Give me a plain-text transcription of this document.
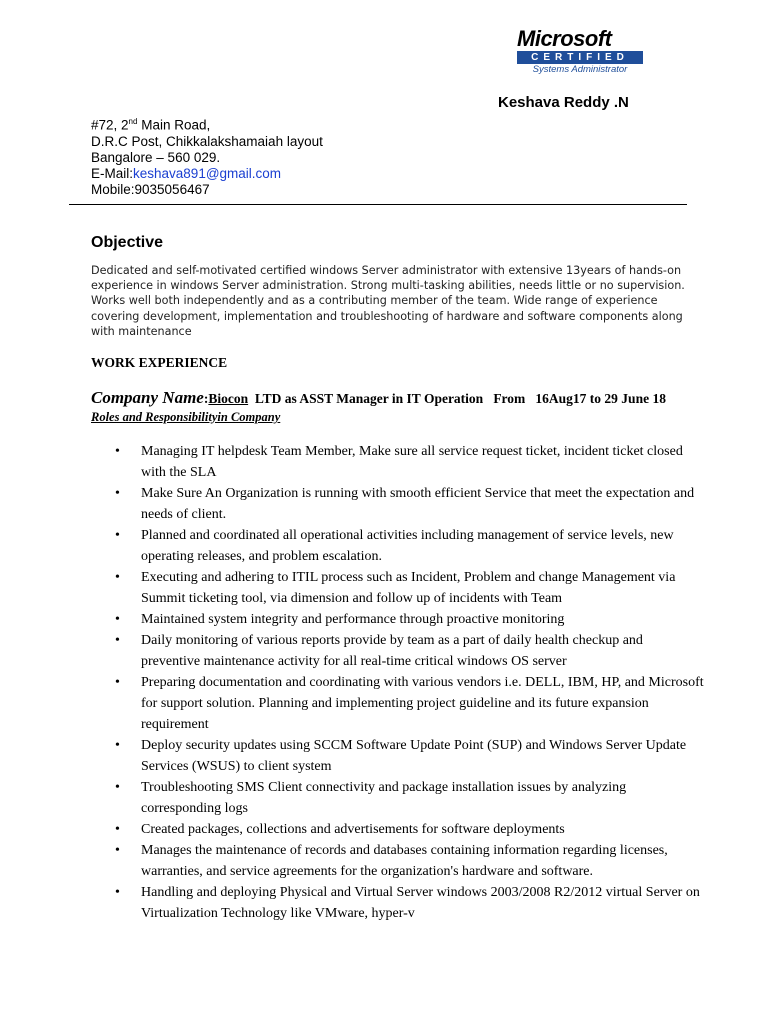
Microsoft
CERTIFIED
Systems Administrator
Keshava Reddy .N
#72, 2nd Main Road,
D.R.C Post, Chikkalakshamaiah layout
Bangalore – 560 029.
E-Mail:keshava891@gmail.com
Mobile:9035056467
Objective
Dedicated and self-motivated certified windows Server administrator with extensive 13years of hands-on experience in windows Server administration. Strong multi-tasking abilities, needs little or no supervision. Works well both independently and as a contributing member of the team. Wide range of experience covering development, implementation and troubleshooting of hardware and software components along with maintenance
WORK EXPERIENCE
Company Name:Biocon  LTD as ASST Manager in IT Operation   From   16Aug17 to 29 June 18
Roles and Responsibilityin Company
• Managing IT helpdesk Team Member, Make sure all service request ticket, incident ticket closed with the SLA
• Make Sure An Organization is running with smooth efficient Service that meet the expectation and needs of client.
• Planned and coordinated all operational activities including management of service levels, new operating releases, and problem escalation.
• Executing and adhering to ITIL process such as Incident, Problem and change Management via Summit ticketing tool, via dimension and follow up of incidents with Team
• Maintained system integrity and performance through proactive monitoring
• Daily monitoring of various reports provide by team as a part of daily health checkup and preventive maintenance activity for all real-time critical windows OS server
• Preparing documentation and coordinating with various vendors i.e. DELL, IBM, HP, and Microsoft for support solution. Planning and implementing project guideline and its future expansion requirement
• Deploy security updates using SCCM Software Update Point (SUP) and Windows Server Update Services (WSUS) to client system
• Troubleshooting SMS Client connectivity and package installation issues by analyzing corresponding logs
• Created packages, collections and advertisements for software deployments
• Manages the maintenance of records and databases containing information regarding licenses, warranties, and service agreements for the organization's hardware and software.
• Handling and deploying Physical and Virtual Server windows 2003/2008 R2/2012 virtual Server on Virtualization Technology like VMware, hyper-v
